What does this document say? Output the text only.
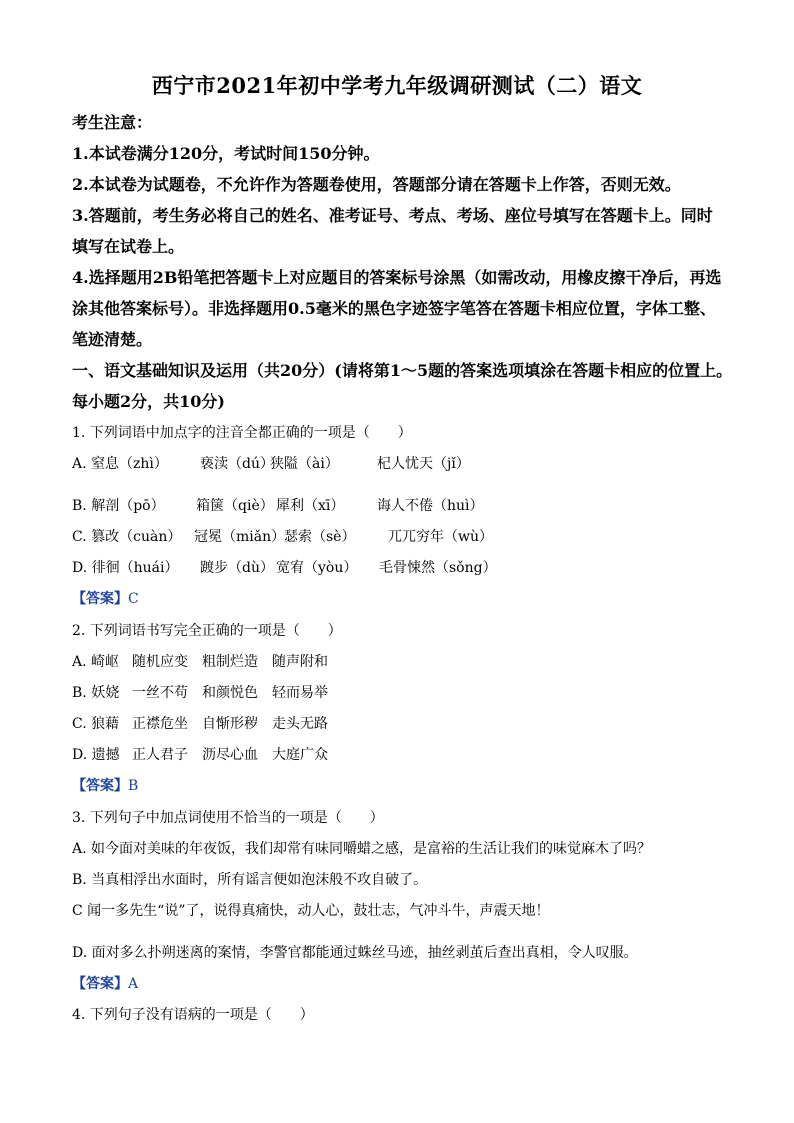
西宁市2021年初中学考九年级调研测试（二）语文
考生注意：
1.本试卷满分120分，考试时间150分钟。
2.本试卷为试题卷，不允许作为答题卷使用，答题部分请在答题卡上作答，否则无效。
3.答题前，考生务必将自己的姓名、准考证号、考点、考场、座位号填写在答题卡上。同时
填写在试卷上。
4.选择题用2B铅笔把答题卡上对应题目的答案标号涂黑（如需改动，用橡皮擦干净后，再选
涂其他答案标号）。非选择题用0.5毫米的黑色字迹签字笔答在答题卡相应位置，字体工整、
笔迹清楚。
一、语文基础知识及运用（共20分）(请将第1～5题的答案选项填涂在答题卡相应的位置上。
每小题2分，共10分)
1. 下列词语中加点字的注音全都正确的一项是（　　）
A. 窒息（zhì） 亵渎（dú）狭隘（ài）	杞人忧天（jǐ）
B. 解剖（pō） 箱箧（qiè） 犀利（xī） 诲人不倦（huì）
C. 篡改（cuàn） 冠冕（miǎn）瑟索（sè） 兀兀穷年（wù）
D. 徘徊（huái） 踱步（dù） 宽宥（yòu） 毛骨悚然（sǒng）
【答案】C
2. 下列词语书写完全正确的一项是（　　）
A. 崎岖 随机应变 粗制烂造 随声附和
B. 妖娆 一丝不苟 和颜悦色 轻而易举
C. 狼藉 正襟危坐 自惭形秽 走头无路
D. 遗撼 正人君子 沥尽心血 大庭广众
【答案】B
3. 下列句子中加点词使用不恰当的一项是（　　）
A. 如今面对美味的年夜饭，我们却常有味同嚼蜡之感，是富裕的生活让我们的味觉麻木了吗？
B. 当真相浮出水面时，所有谣言便如泡沫般不攻自破了。
C 闻一多先生“说”了，说得真痛快，动人心，鼓壮志，气冲斗牛，声震天地！
D. 面对多么扑朔迷离的案情，李警官都能通过蛛丝马迹，抽丝剥茧后查出真相，令人叹服。
【答案】A
4. 下列句子没有语病的一项是（　　）
